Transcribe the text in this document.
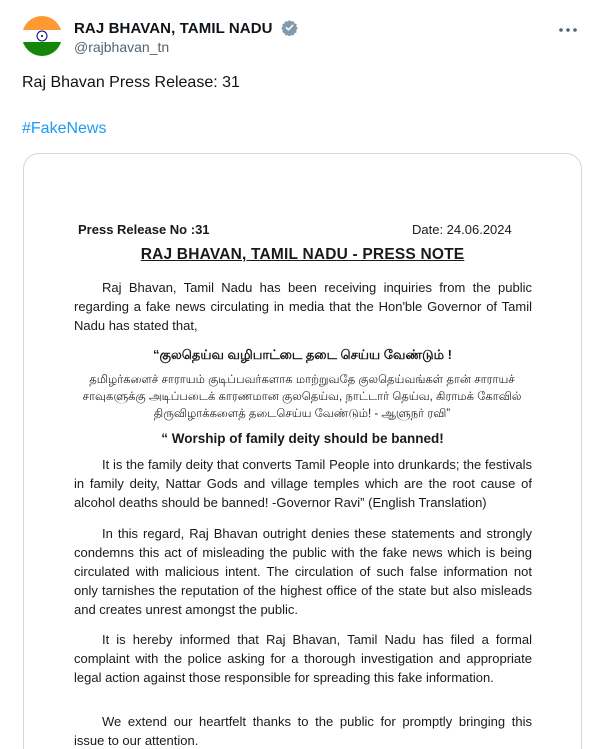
RAJ BHAVAN, TAMIL NADU
@rajbhavan_tn
Raj Bhavan Press Release: 31
#FakeNews
Press Release No :31	Date: 24.06.2024
RAJ BHAVAN, TAMIL NADU - PRESS NOTE
Raj Bhavan, Tamil Nadu has been receiving inquiries from the public regarding a fake news circulating in media that the Hon'ble Governor of Tamil Nadu has stated that,
“குலதெய்வ வழிபாட்டை தடை செய்ய வேண்டும் !
தமிழர்களைச் சாராயம் குடிப்பவர்களாக மாற்றுவதே குலதெய்வங்கள் தான் சாராயச் சாவுகளுக்கு அடிப்படைக் காரணமான குலதெய்வ, நாட்டார் தெய்வ, கிராமக் கோவில் திருவிழாக்களைத் தடைசெய்ய வேண்டும்! - ஆளுநர் ரவி”
“ Worship of family deity should be banned!
It is the family deity that converts Tamil People into drunkards; the festivals in family deity, Nattar Gods and village temples which are the root cause of alcohol deaths should be banned! -Governor Ravi” (English Translation)
In this regard, Raj Bhavan outright denies these statements and strongly condemns this act of misleading the public with the fake news which is being circulated with malicious intent. The circulation of such false information not only tarnishes the reputation of the highest office of the state but also misleads and creates unrest amongst the public.
It is hereby informed that Raj Bhavan, Tamil Nadu has filed a formal complaint with the police asking for a thorough investigation and appropriate legal action against those responsible for spreading this fake information.
We extend our heartfelt thanks to the public for promptly bringing this issue to our attention.
